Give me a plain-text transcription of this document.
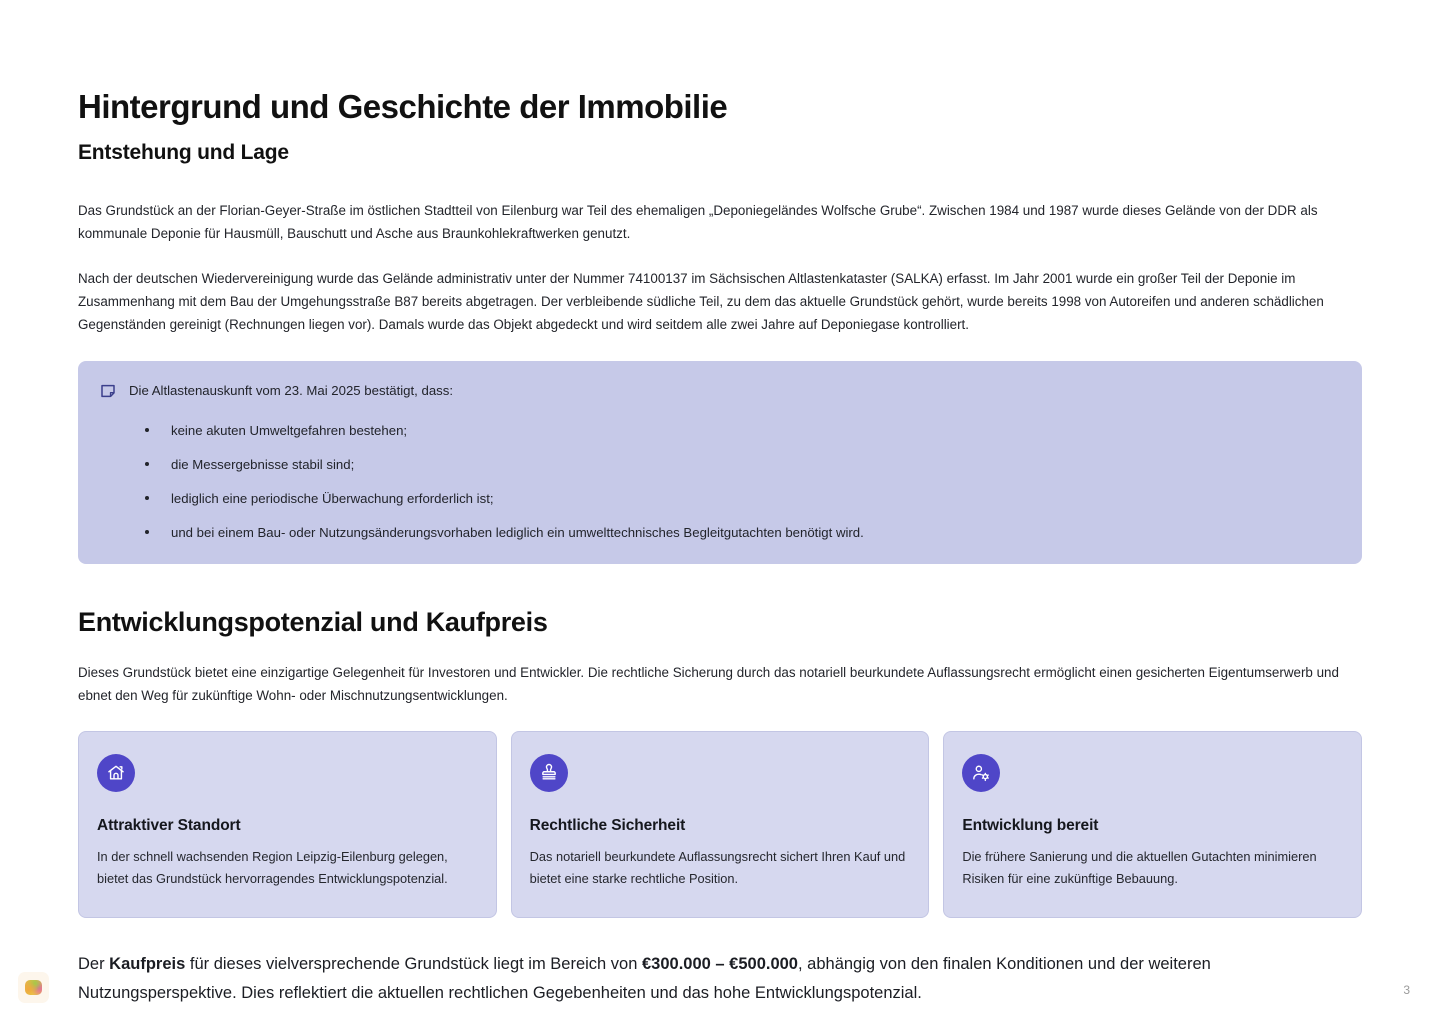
Hintergrund und Geschichte der Immobilie
Entstehung und Lage

Das Grundstück an der Florian-Geyer-Straße im östlichen Stadtteil von Eilenburg war Teil des ehemaligen „Deponiegeländes Wolfsche Grube“. Zwischen 1984 und 1987 wurde dieses Gelände von der DDR als kommunale Deponie für Hausmüll, Bauschutt und Asche aus Braunkohlekraftwerken genutzt.

Nach der deutschen Wiedervereinigung wurde das Gelände administrativ unter der Nummer 74100137 im Sächsischen Altlastenkataster (SALKA) erfasst. Im Jahr 2001 wurde ein großer Teil der Deponie im Zusammenhang mit dem Bau der Umgehungsstraße B87 bereits abgetragen. Der verbleibende südliche Teil, zu dem das aktuelle Grundstück gehört, wurde bereits 1998 von Autoreifen und anderen schädlichen Gegenständen gereinigt (Rechnungen liegen vor). Damals wurde das Objekt abgedeckt und wird seitdem alle zwei Jahre auf Deponiegase kontrolliert.

Die Altlastenauskunft vom 23. Mai 2025 bestätigt, dass:
keine akuten Umweltgefahren bestehen;
die Messergebnisse stabil sind;
lediglich eine periodische Überwachung erforderlich ist;
und bei einem Bau- oder Nutzungsänderungsvorhaben lediglich ein umwelttechnisches Begleitgutachten benötigt wird.
Entwicklungspotenzial und Kaufpreis

Dieses Grundstück bietet eine einzigartige Gelegenheit für Investoren und Entwickler. Die rechtliche Sicherung durch das notariell beurkundete Auflassungsrecht ermöglicht einen gesicherten Eigentumserwerb und ebnet den Weg für zukünftige Wohn- oder Mischnutzungsentwicklungen.

Attraktiver Standort
In der schnell wachsenden Region Leipzig-Eilenburg gelegen, bietet das Grundstück hervorragendes Entwicklungspotenzial.
Rechtliche Sicherheit
Das notariell beurkundete Auflassungsrecht sichert Ihren Kauf und bietet eine starke rechtliche Position.
Entwicklung bereit
Die frühere Sanierung und die aktuellen Gutachten minimieren Risiken für eine zukünftige Bebauung.

Der Kaufpreis für dieses vielversprechende Grundstück liegt im Bereich von €300.000 – €500.000, abhängig von den finalen Konditionen und der weiteren Nutzungsperspektive. Dies reflektiert die aktuellen rechtlichen Gegebenheiten und das hohe Entwicklungspotenzial.	3
